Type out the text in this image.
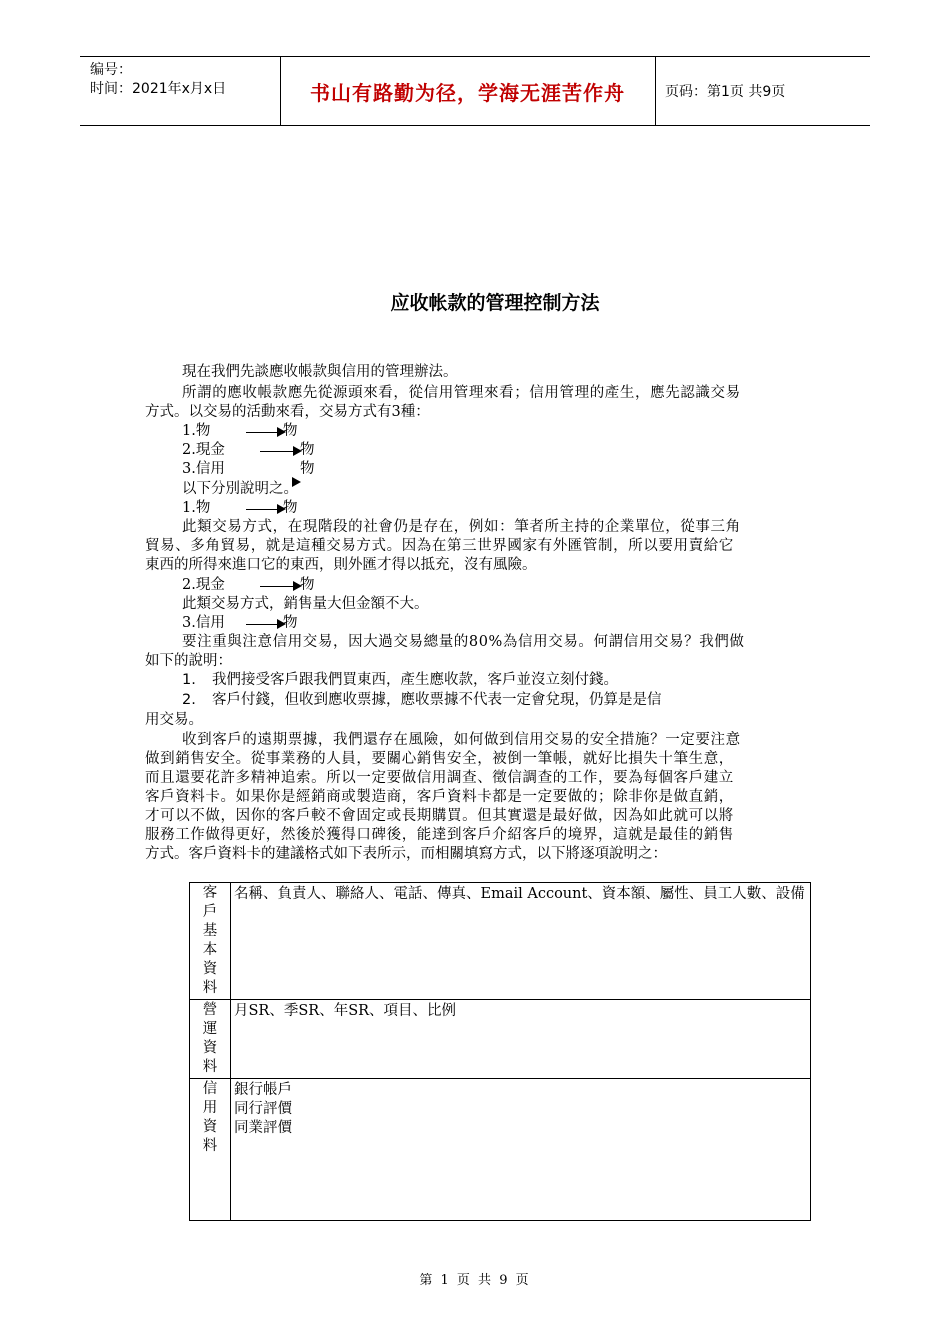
编号：
时间：2021年x月x日	书山有路勤为径，学海无涯苦作舟	页码：第1页 共9页
应收帐款的管理控制方法
現在我們先談應收帳款與信用的管理辦法。
所謂的應收帳款應先從源頭來看，從信用管理來看；信用管理的產生，應先認識交易
方式。以交易的活動來看，交易方式有3種：
1.物	物
2.現金	物
3.信用	物
以下分別說明之。
1.物	物
此類交易方式，在現階段的社會仍是存在，例如：筆者所主持的企業單位，從事三角
貿易、多角貿易，就是這種交易方式。因為在第三世界國家有外匯管制，所以要用賣給它
東西的所得來進口它的東西，則外匯才得以抵充，沒有風險。
2.現金	物
此類交易方式，銷售量大但金額不大。
3.信用	物
要注重與注意信用交易，因大過交易總量的80%為信用交易。何謂信用交易？我們做
如下的說明：
1. 我們接受客戶跟我們買東西，產生應收款，客戶並沒立刻付錢。
2. 客戶付錢，但收到應收票據，應收票據不代表一定會兌現，仍算是是信
用交易。
收到客戶的遠期票據，我們還存在風險，如何做到信用交易的安全措施？一定要注意
做到銷售安全。從事業務的人員，要關心銷售安全，被倒一筆帳，就好比損失十筆生意，
而且還要花許多精神追索。所以一定要做信用調查、徵信調查的工作，要為每個客戶建立
客戶資料卡。如果你是經銷商或製造商，客戶資料卡都是一定要做的；除非你是做直銷，
才可以不做，因你的客戶較不會固定或長期購買。但其實還是最好做，因為如此就可以將
服務工作做得更好，然後於獲得口碑後，能達到客戶介紹客戶的境界，這就是最佳的銷售
方式。客戶資料卡的建議格式如下表所示，而相關填寫方式，以下將逐項說明之：
客戶基本資料	名稱、負責人、聯絡人、電話、傳真、Email Account、資本額、屬性、員工人數、設備

營運資料	月SR、季SR、年SR、項目、比例

信用資料	銀行帳戶
同行評價
同業評價
第 1 页 共 9 页
